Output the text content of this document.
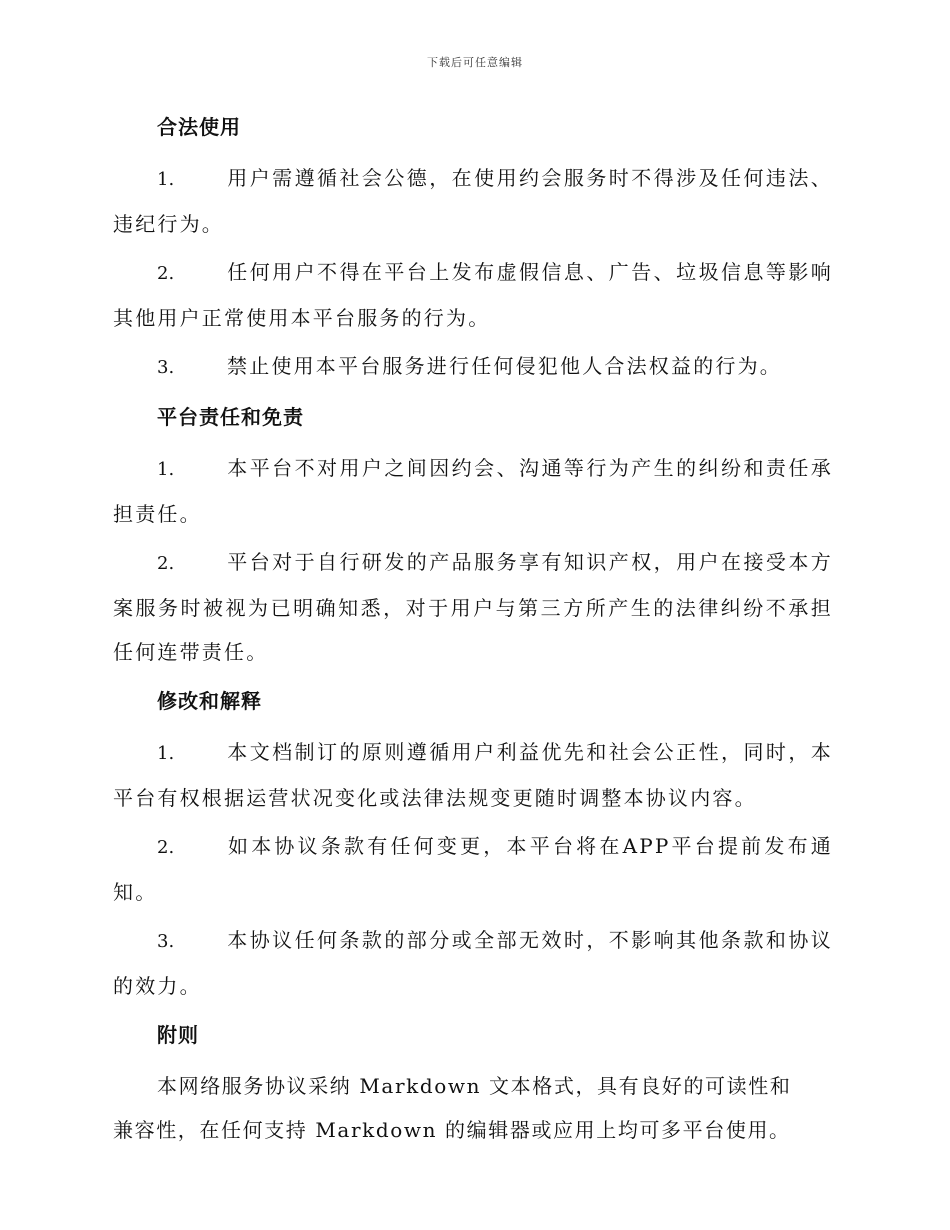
下载后可任意编辑
合法使用

1.	用户需遵循社会公德，在使用约会服务时不得涉及任何违法、违纪行为。

2.	任何用户不得在平台上发布虚假信息、广告、垃圾信息等影响其他用户正常使用本平台服务的行为。

3.	禁止使用本平台服务进行任何侵犯他人合法权益的行为。

平台责任和免责

1.	本平台不对用户之间因约会、沟通等行为产生的纠纷和责任承担责任。

2.	平台对于自行研发的产品服务享有知识产权，用户在接受本方案服务时被视为已明确知悉，对于用户与第三方所产生的法律纠纷不承担任何连带责任。

修改和解释

1.	本文档制订的原则遵循用户利益优先和社会公正性，同时，本平台有权根据运营状况变化或法律法规变更随时调整本协议内容。

2.	如本协议条款有任何变更，本平台将在APP平台提前发布通知。

3.	本协议任何条款的部分或全部无效时，不影响其他条款和协议的效力。

附则

本网络服务协议采纳 Markdown 文本格式，具有良好的可读性和兼容性，在任何支持 Markdown 的编辑器或应用上均可多平台使用。
